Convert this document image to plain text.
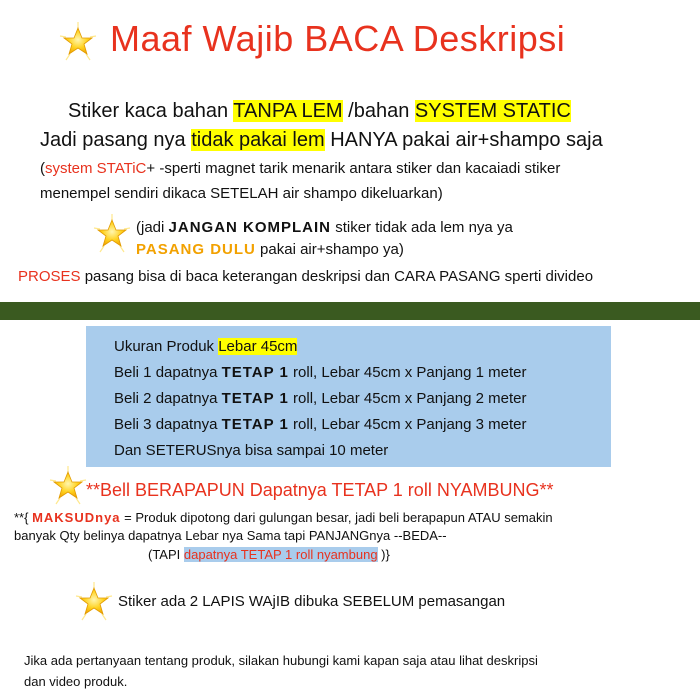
Maaf Wajib BACA Deskripsi
Stiker kaca bahan TANPA LEM /bahan SYSTEM STATIC
Jadi pasang nya tidak pakai lem HANYA pakai air+shampo saja
(system STATiC+ -sperti magnet tarik menarik antara stiker dan kacaiadi stiker
menempel sendiri dikaca SETELAH air shampo dikeluarkan)
(jadi JANGAN KOMPLAIN stiker tidak ada lem nya ya
PASANG DULU pakai air+shampo ya)
PROSES pasang bisa di baca keterangan deskripsi dan CARA PASANG sperti divideo
Ukuran Produk Lebar 45cm
Beli 1 dapatnya TETAP 1 roll, Lebar 45cm x Panjang 1 meter
Beli 2 dapatnya TETAP 1 roll, Lebar 45cm x Panjang 2 meter
Beli 3 dapatnya TETAP 1 roll, Lebar 45cm x Panjang 3 meter
Dan SETERUSnya bisa sampai 10 meter
**Bell BERAPAPUN Dapatnya TETAP 1 roll NYAMBUNG**
**{ MAKSUDnya = Produk dipotong dari gulungan besar, jadi beli berapapun ATAU semakin
banyak Qty belinya dapatnya Lebar nya Sama tapi PANJANGnya --BEDA--
(TAPI dapatnya TETAP 1 roll nyambung )}
Stiker ada 2 LAPIS WAjIB dibuka SEBELUM pemasangan
Jika ada pertanyaan tentang produk, silakan hubungi kami kapan saja atau lihat deskripsi
dan video produk.
